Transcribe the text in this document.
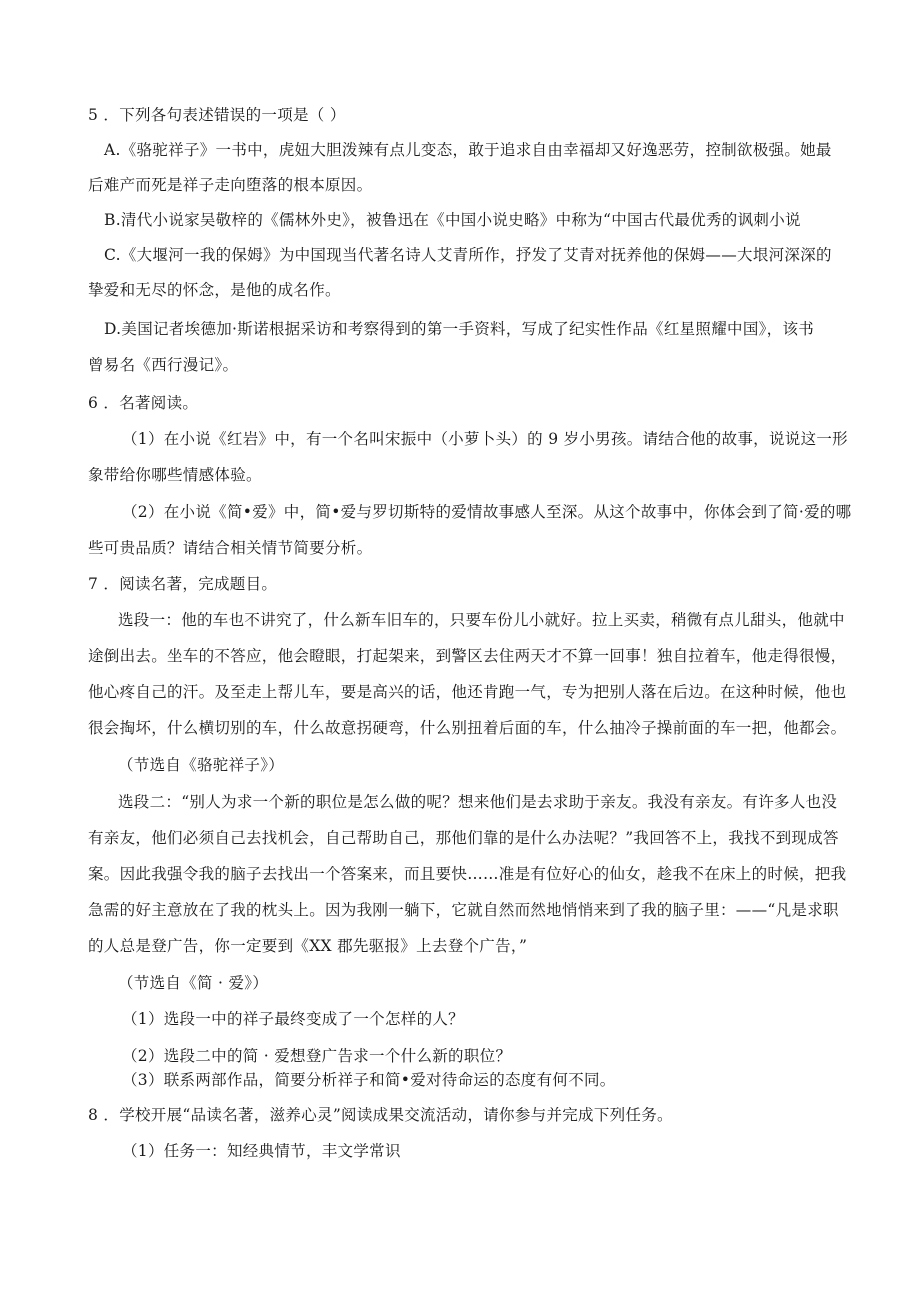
5 ．下列各句表述错误的一项是（ ）
A.《骆驼祥子》一书中，虎妞大胆泼辣有点儿变态，敢于追求自由幸福却又好逸恶劳，控制欲极强。她最
后难产而死是祥子走向堕落的根本原因。
B.清代小说家吴敬梓的《儒林外史》，被鲁迅在《中国小说史略》中称为“中国古代最优秀的讽刺小说
C.《大堰河一我的保姆》为中国现当代著名诗人艾青所作，抒发了艾青对抚养他的保姆——大垠河深深的
挚爱和无尽的怀念，是他的成名作。
D.美国记者埃德加·斯诺根据采访和考察得到的第一手资料，写成了纪实性作品《红星照耀中国》，该书
曾易名《西行漫记》。
6 ．名著阅读。
（1）在小说《红岩》中，有一个名叫宋振中（小萝卜头）的 9 岁小男孩。请结合他的故事，说说这一形
象带给你哪些情感体验。
（2）在小说《简•爱》中，简•爱与罗切斯特的爱情故事感人至深。从这个故事中，你体会到了简·爱的哪
些可贵品质？请结合相关情节简要分析。
7 ．阅读名著，完成题目。
选段一：他的车也不讲究了，什么新车旧车的，只要车份儿小就好。拉上买卖，稍微有点儿甜头，他就中
途倒出去。坐车的不答应，他会瞪眼，打起架来，到警区去住两天才不算一回事！独自拉着车，他走得很慢，
他心疼自己的汗。及至走上帮儿车，要是高兴的话，他还肯跑一气，专为把别人落在后边。在这种时候，他也
很会掏坏，什么横切别的车，什么故意拐硬弯，什么别扭着后面的车，什么抽冷子操前面的车一把，他都会。
（节选自《骆驼祥子》）
选段二：“别人为求一个新的职位是怎么做的呢？想来他们是去求助于亲友。我没有亲友。有许多人也没
有亲友，他们必须自己去找机会，自己帮助自己，那他们靠的是什么办法呢？”我回答不上，我找不到现成答
案。因此我强令我的脑子去找出一个答案来，而且要快……准是有位好心的仙女，趁我不在床上的时候，把我
急需的好主意放在了我的枕头上。因为我刚一躺下，它就自然而然地悄悄来到了我的脑子里：——“凡是求职
的人总是登广告，你一定要到《XX 郡先驱报》上去登个广告，”
（节选自《简 · 爱》）
（1）选段一中的祥子最终变成了一个怎样的人？
（2）选段二中的简 · 爱想登广告求一个什么新的职位？
（3）联系两部作品，简要分析祥子和简•爱对待命运的态度有何不同。
8 ．学校开展“品读名著，滋养心灵”阅读成果交流活动，请你参与并完成下列任务。
（1）任务一：知经典情节，丰文学常识
